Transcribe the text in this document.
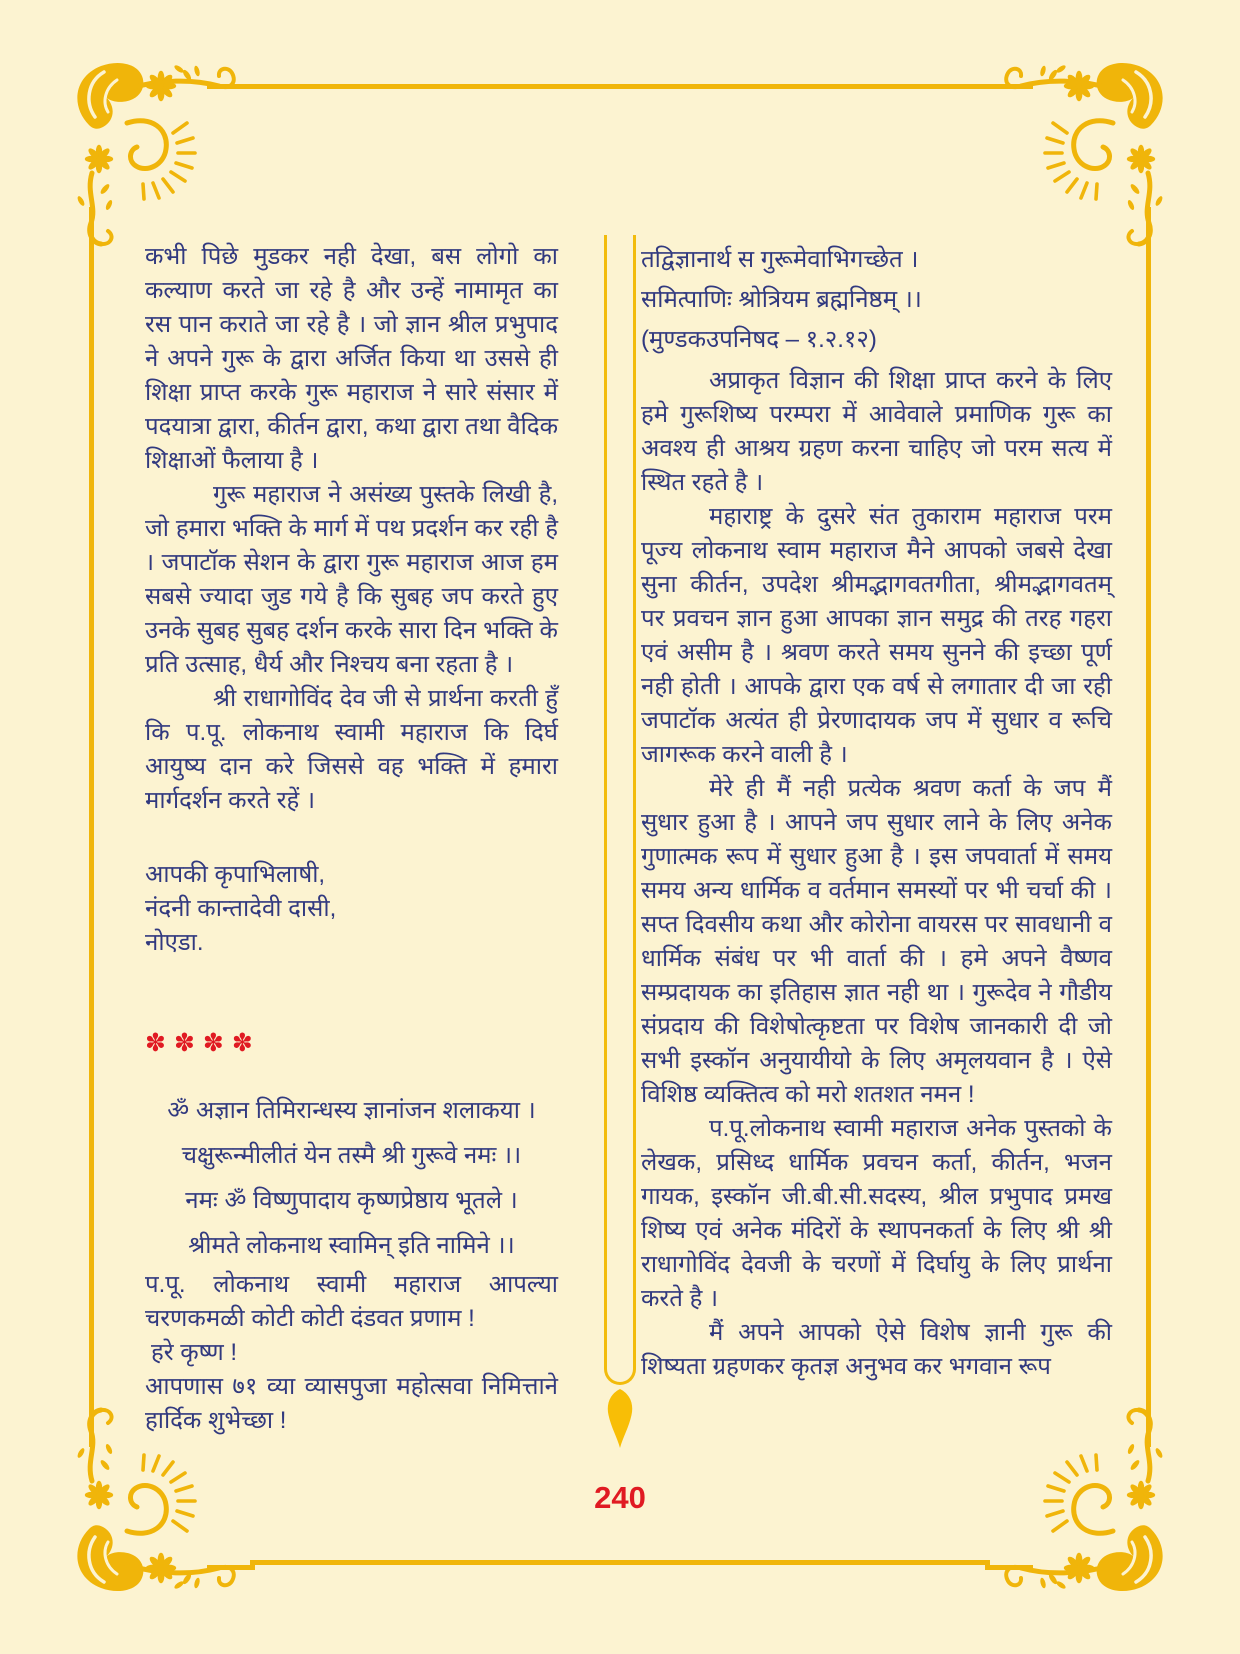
कभी पिछे मुडकर नही देखा, बस लोगो का कल्याण करते जा रहे है और उन्हें नामामृत का रस पान कराते जा रहे है । जो ज्ञान श्रील प्रभुपाद ने अपने गुरू के द्वारा अर्जित किया था उससे ही शिक्षा प्राप्त करके गुरू महाराज ने सारे संसार में पदयात्रा द्वारा, कीर्तन द्वारा, कथा द्वारा तथा वैदिक शिक्षाओं फैलाया है ।

गुरू महाराज ने असंख्य पुस्तके लिखी है, जो हमारा भक्ति के मार्ग में पथ प्रदर्शन कर रही है । जपाटॉक सेशन के द्वारा गुरू महाराज आज हम सबसे ज्यादा जुड गये है कि सुबह जप करते हुए उनके सुबह सुबह दर्शन करके सारा दिन भक्ति के प्रति उत्साह, धैर्य और निश्चय बना रहता है ।

श्री राधागोविंद देव जी से प्रार्थना करती हुँ कि प.पू. लोकनाथ स्वामी महाराज कि दिर्घ आयुष्य दान करे जिससे वह भक्ति में हमारा मार्गदर्शन करते रहें ।

आपकी कृपाभिलाषी,
नंदनी कान्तादेवी दासी,
नोएडा.
✽✽✽✽
ॐ अज्ञान तिमिरान्धस्य ज्ञानांजन शलाकया ।
चक्षुरून्मीलीतं येन तस्मै श्री गुरूवे नमः ।।
नमः ॐ विष्णुपादाय कृष्णप्रेष्ठाय भूतले ।
श्रीमते लोकनाथ स्वामिन् इति नामिने ।।

प.पू. लोकनाथ स्वामी महाराज आपल्या चरणकमळी कोटी कोटी दंडवत प्रणाम !

हरे कृष्ण !

आपणास ७१ व्या व्यासपुजा महोत्सवा निमित्ताने हार्दिक शुभेच्छा !

तद्विज्ञानार्थ स गुरूमेवाभिगच्छेत ।
समित्पाणिः श्रोत्रियम ब्रह्मनिष्ठम् ।।
(मुण्डकउपनिषद – १.२.१२)

अप्राकृत विज्ञान की शिक्षा प्राप्त करने के लिए हमे गुरूशिष्य परम्परा में आवेवाले प्रमाणिक गुरू का अवश्य ही आश्रय ग्रहण करना चाहिए जो परम सत्य में स्थित रहते है ।

महाराष्ट्र के दुसरे संत तुकाराम महाराज परम पूज्य लोकनाथ स्वाम महाराज मैने आपको जबसे देखा सुना कीर्तन, उपदेश श्रीमद्भागवतगीता, श्रीमद्भागवतम् पर प्रवचन ज्ञान हुआ आपका ज्ञान समुद्र की तरह गहरा एवं असीम है । श्रवण करते समय सुनने की इच्छा पूर्ण नही होती । आपके द्वारा एक वर्ष से लगातार दी जा रही जपाटॉक अत्यंत ही प्रेरणादायक जप में सुधार व रूचि जागरूक करने वाली है ।

मेरे ही मैं नही प्रत्येक श्रवण कर्ता के जप मैं सुधार हुआ है । आपने जप सुधार लाने के लिए अनेक गुणात्मक रूप में सुधार हुआ है । इस जपवार्ता में समय समय अन्य धार्मिक व वर्तमान समस्यों पर भी चर्चा की । सप्त दिवसीय कथा और कोरोना वायरस पर सावधानी व धार्मिक संबंध पर भी वार्ता की । हमे अपने वैष्णव सम्प्रदायक का इतिहास ज्ञात नही था । गुरूदेव ने गौडीय संप्रदाय की विशेषोत्कृष्टता पर विशेष जानकारी दी जो सभी इस्कॉन अनुयायीयो के लिए अमृलयवान है । ऐसे विशिष्ठ व्यक्तित्व को मरो शतशत नमन !

प.पू.लोकनाथ स्वामी महाराज अनेक पुस्तको के लेखक, प्रसिध्द धार्मिक प्रवचन कर्ता, कीर्तन, भजन गायक, इस्कॉन जी.बी.सी.सदस्य, श्रील प्रभुपाद प्रमख शिष्य एवं अनेक मंदिरों के स्थापनकर्ता के लिए श्री श्री राधागोविंद देवजी के चरणों में दिर्घायु के लिए प्रार्थना करते है ।

मैं अपने आपको ऐसे विशेष ज्ञानी गुरू की शिष्यता ग्रहणकर कृतज्ञ अनुभव कर भगवान रूप

240
